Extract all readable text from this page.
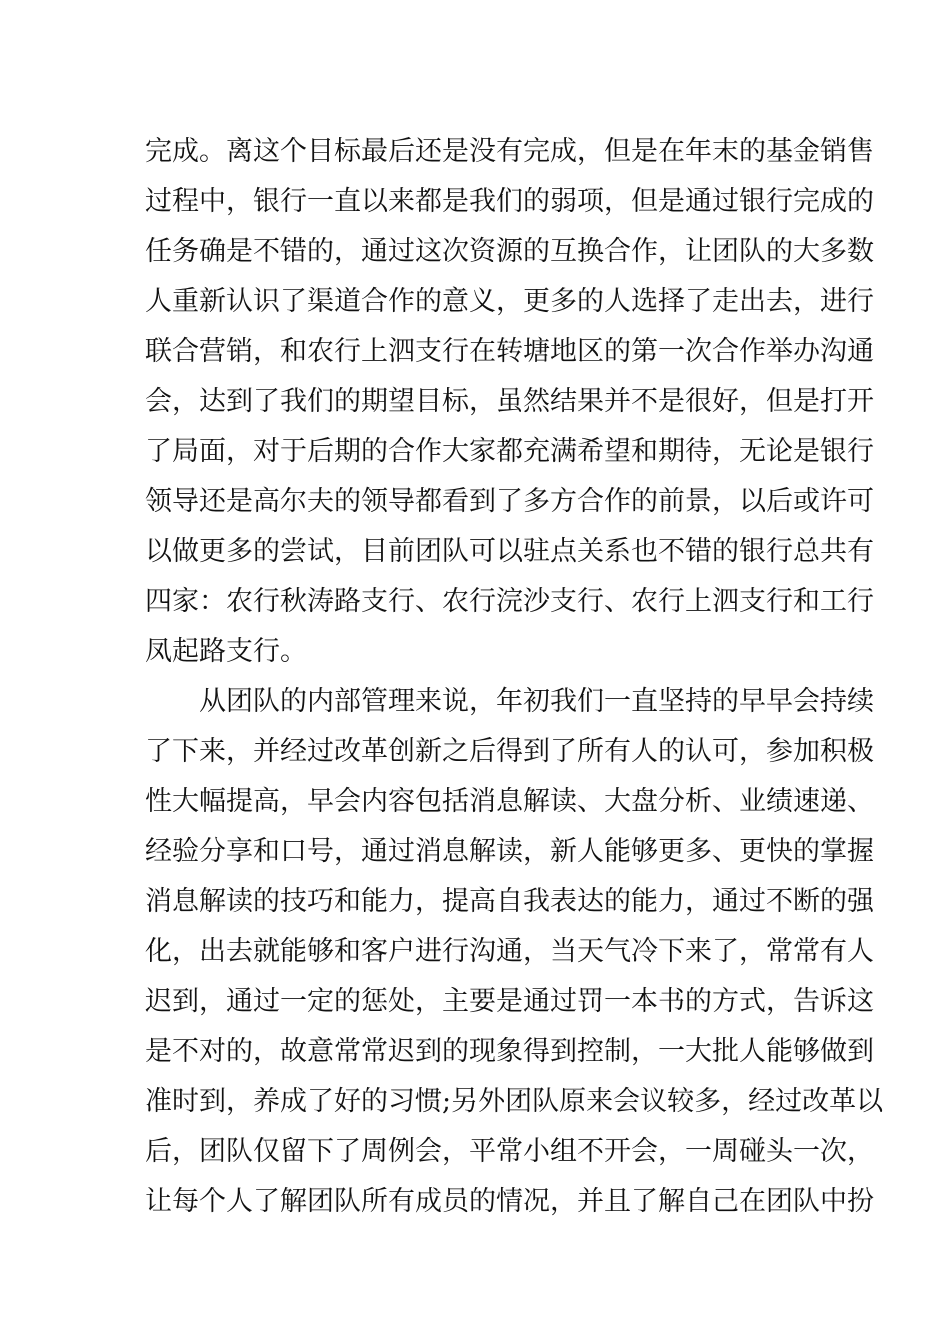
完成。离这个目标最后还是没有完成，但是在年末的基金销售
过程中，银行一直以来都是我们的弱项，但是通过银行完成的
任务确是不错的，通过这次资源的互换合作，让团队的大多数
人重新认识了渠道合作的意义，更多的人选择了走出去，进行
联合营销，和农行上泗支行在转塘地区的第一次合作举办沟通
会，达到了我们的期望目标，虽然结果并不是很好，但是打开
了局面，对于后期的合作大家都充满希望和期待，无论是银行
领导还是高尔夫的领导都看到了多方合作的前景，以后或许可
以做更多的尝试，目前团队可以驻点关系也不错的银行总共有
四家：农行秋涛路支行、农行浣沙支行、农行上泗支行和工行
凤起路支行。
从团队的内部管理来说，年初我们一直坚持的早早会持续
了下来，并经过改革创新之后得到了所有人的认可，参加积极
性大幅提高，早会内容包括消息解读、大盘分析、业绩速递、
经验分享和口号，通过消息解读，新人能够更多、更快的掌握
消息解读的技巧和能力，提高自我表达的能力，通过不断的强
化，出去就能够和客户进行沟通，当天气冷下来了，常常有人
迟到，通过一定的惩处，主要是通过罚一本书的方式，告诉这
是不对的，故意常常迟到的现象得到控制，一大批人能够做到
准时到，养成了好的习惯;另外团队原来会议较多，经过改革以
后，团队仅留下了周例会，平常小组不开会，一周碰头一次，
让每个人了解团队所有成员的情况，并且了解自己在团队中扮
